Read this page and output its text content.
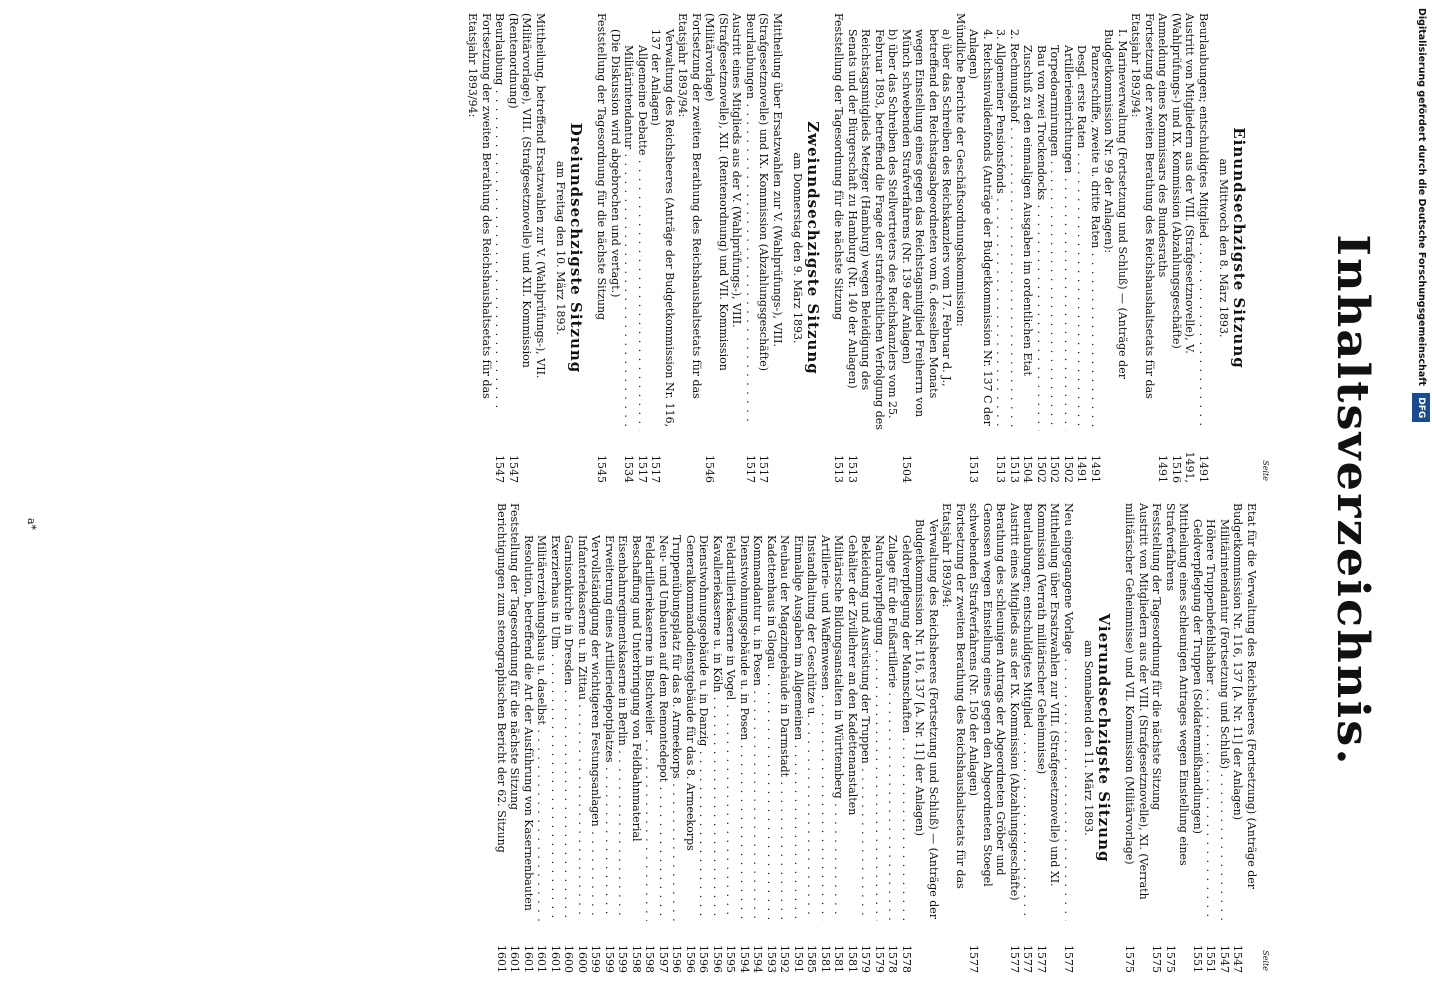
Inhaltsverzeichnis.
Seite
Einundsechzigste Sitzung
am Mittwoch den 8. März 1893.
Beurlaubungen; entschuldigtes Mitglied . . .
1491
Austritt von Mitgliedern aus der VIII. (Strafgesetznovelle), V. (Wahlprüfungs-) und IX. Kommission (Abzahlungsgeschäfte)
1491, 1516
Anmeldung eines Kommissars des Bundesraths
1491
Fortsetzung der zweiten Berathung des Reichshaushaltsetats für das Etatsjahr 1893/94:
I. Marineverwaltung (Fortsetzung und Schluß) — (Anträge der Budgetkommission Nr. 99 der Anlagen):
Panzerschiffe, zweite u. dritte Raten . . .
1491
Desgl. erste Raten . . .
1491
Artillerieeinrichtungen . . .
1502
Torpedoarmirungen . . .
1502
Bau von zwei Trockendocks . . .
1502
Zuschuß zu den einmaligen Ausgaben im ordentlichen Etat
1504
2. Rechnungshof . . .
1513
3. Allgemeiner Pensionsfonds . . .
1513
4. Reichsinvalidenfonds (Anträge der Budgetkommission Nr. 137 C der Anlagen)
1513
Mündliche Berichte der Geschäftsordnungskommission:
a) über das Schreiben des Reichskanzlers vom 17. Februar d. J., betreffend den Reichstagsabgeordneten vom 6. desselben Monats wegen Einstellung eines gegen das Reichstagsmitglied Freiherrn von Münch schwebenden Strafverfahrens (Nr. 139 der Anlagen)
1504
b) über das Schreiben des Stellvertreters des Reichskanzlers vom 25. Februar 1893, betreffend die Frage der strafrechtlichen Verfolgung des Reichstagsmitglieds Metzger (Hamburg) wegen Beleidigung des Senats und der Bürgerschaft zu Hamburg (Nr. 140 der Anlagen)
1513
Feststellung der Tagesordnung für die nächste Sitzung
1513
Zweiundsechzigste Sitzung
am Donnerstag den 9. März 1893.
Mittheilung über Ersatzwahlen zur V. (Wahlprüfungs-), VIII. (Strafgesetznovelle) und IX. Kommission (Abzahlungsgeschäfte)
1517
Beurlaubungen . . .
1517
Austritt eines Mitglieds aus der V. (Wahlprüfungs-), VIII. (Strafgesetznovelle), XII. (Rentenordnung) und VII. Kommission (Militärvorlage)
1546
Fortsetzung der zweiten Berathung des Reichshaushaltsetats für das Etatsjahr 1893/94:
Verwaltung des Reichsheeres (Anträge der Budgetkommission Nr. 116, 137 der Anlagen)
1517
Allgemeine Debatte . . .
1517
Militärintendantur . . .
1534
(Die Diskussion wird abgebrochen und vertagt.)
Feststellung der Tagesordnung für die nächste Sitzung
1545
Dreiundsechzigste Sitzung
am Freitag den 10. März 1893.
Mittheilung, betreffend Ersatzwahlen zur V. (Wahlprüfungs-), VII. (Militärvorlage), VIII. (Strafgesetznovelle) und XII. Kommission (Rentenordnung)
1547
Beurlaubung . . .
1547
Fortsetzung der zweiten Berathung des Reichshaushaltsetats für das Etatsjahr 1893/94:
Seite
Etat für die Verwaltung des Reichsheeres (Fortsetzung) (Anträge der Budgetkommission Nr. 116, 137 [A. Nr. 11] der Anlagen)
1547
Militärintendantur (Fortsetzung und Schluß) . . .
1547
Höhere Truppenbefehlshaber . . .
1551
Geldverpflegung der Truppen (Soldatenmißhandlungen)
1551
Mittheilung eines schleunigen Antrages wegen Einstellung eines Strafverfahrens
1575
Feststellung der Tagesordnung für die nächste Sitzung
1575
Austritt von Mitgliedern aus der VIII. (Strafgesetznovelle), XI. (Verrath militärischer Geheimnisse) und VII. Kommission (Militärvorlage)
1575
Vierundsechzigste Sitzung
am Sonnabend den 11. März 1893.
Neu eingegangene Vorlage . . .
1577
Mittheilung über Ersatzwahlen zur VIII. (Strafgesetznovelle) und XI. Kommission (Verrath militärischer Geheimnisse)
1577
Beurlaubungen; entschuldigtes Mitglied . . .
1577
Austritt eines Mitglieds aus der IX. Kommission (Abzahlungsgeschäfte)
1577
Berathung des schleunigen Antrags der Abgeordneten Gröber und Genossen wegen Einstellung eines gegen den Abgeordneten Stoegel schwebenden Strafverfahrens (Nr. 150 der Anlagen)
1577
Fortsetzung der zweiten Berathung des Reichshaushaltsetats für das Etatsjahr 1893/94:
Verwaltung des Reichsheeres (Fortsetzung und Schluß) — (Anträge der Budgetkommission Nr. 116, 137 [A. Nr. 11] der Anlagen)
Geldverpflegung der Mannschaften . . .
1578
Zulage für die Fußartillerie . . .
1578
Naturalverpflegung . . .
1579
Bekleidung und Ausrüstung der Truppen . . .
1579
Gehälter der Zivillehrer an den Kadettenanstalten
1581
Militärische Bildungsanstalten in Württemberg . . .
1581
Artillerie- und Waffenwesen . . .
1581
Instandhaltung der Geschütze u. . . .
1585
Einmalige Ausgaben im Allgemeinen . . .
1591
Neubau der Magazingebäude in Darmstadt . . .
1592
Kadettenhaus in Glogau . . .
1593
Kommandantur u. in Posen . . .
1594
Dienstwohnungsgebäude u. in Posen . . .
1594
Feldartilleriekaserne in Vogel . . .
1595
Kavalleriekaserne u. in Köln . . .
1596
Dienstwohnungsgebäude u. in Danzig . . .
1596
Generalkommandodienstgebäude für das 8. Armeekorps
1596
Truppenübungsplatz für das 8. Armeekorps . . .
1596
Neu- und Umbauten auf dem Remontedepot . . .
1597
Feldartilleriekaserne in Bischweiler . . .
1598
Beschaffung und Unterbringung von Feldbahnmaterial
1598
Eisenbahnregimentskaserne in Berlin . . .
1599
Erweiterung eines Artilleriedepotplatzes . . .
1599
Vervollständigung der wichtigeren Festungsanlagen . . .
1599
Infanteriekaserne u. in Zittau . . .
1600
Garnisonkirche in Dresden . . .
1600
Exerzierhaus in Ulm . . .
1601
Militärerziehungshaus u. daselbst . . .
1601
Resolution, betreffend die Art der Ausführung von Kasernenbauten
1601
Feststellung der Tagesordnung für die nächste Sitzung
1601
Berichtigungen zum stenographischen Bericht der 62. Sitzung
1601
a*
Digitalisierung gefördert durch die Deutsche Forschungsgemeinschaft DFG
